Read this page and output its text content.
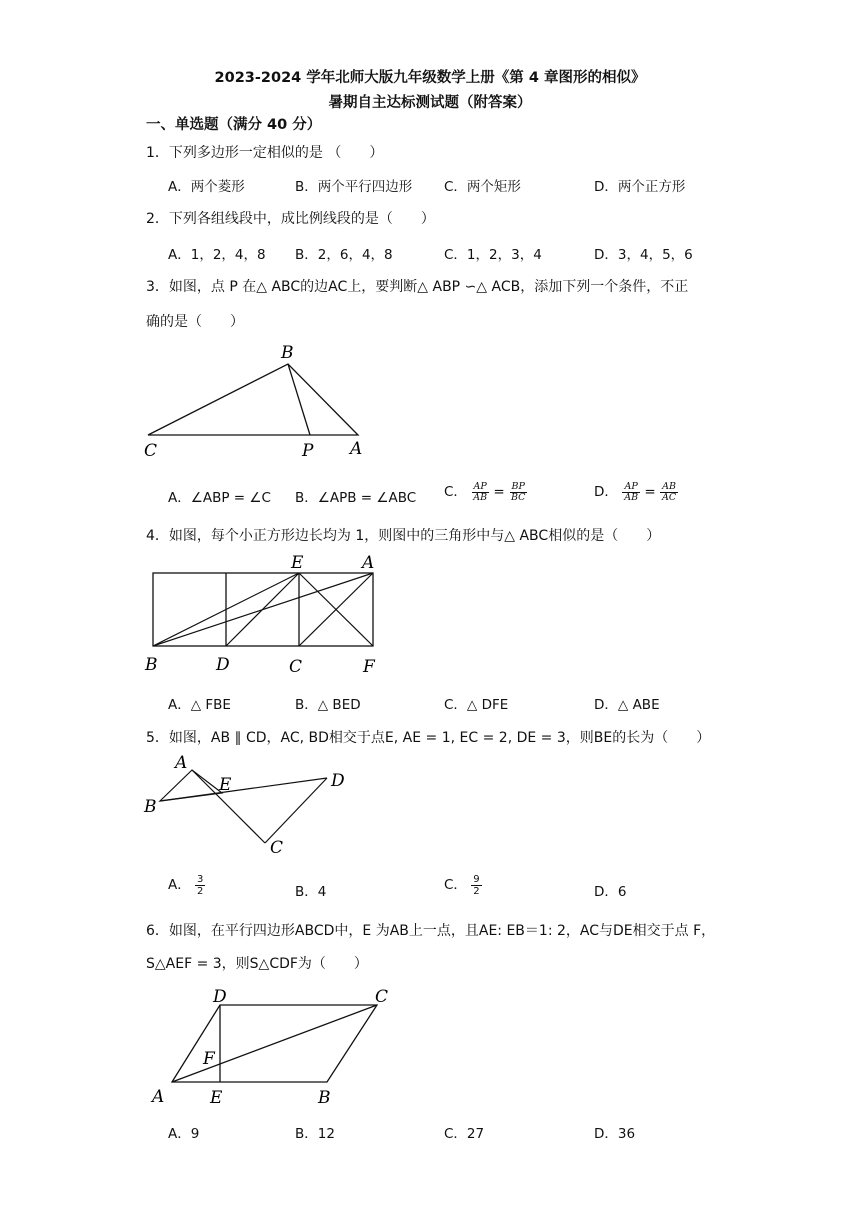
2023-2024 学年北师大版九年级数学上册《第 4 章图形的相似》
暑期自主达标测试题（附答案）
一、单选题（满分 40 分）
1．下列多边形一定相似的是 （　　）
A．两个菱形	B．两个平行四边形 C．两个矩形	D．两个正方形
2．下列各组线段中，成比例线段的是（　　）
A．1，2，4，8 B．2，6，4，8	C．1，2，3，4	D．3，4，5，6
3．如图，点 P 在△ ABC的边AC上，要判断△ ABP ∽△ ACB，添加下列一个条件，不正
确的是（　　）
B
C	P A
A．∠ABP = ∠C B．∠APB = ∠ABC C． $\frac{AP}{AB} = \frac{BP}{BC}$	D． $\frac{AP}{AB} = \frac{AB}{AC}$
4．如图，每个小正方形边长均为 1，则图中的三角形中与△ ABC相似的是（　　）
E	A
B	D	C	F
A．△ FBE	B．△ BED	C．△ DFE	D．△ ABE
5．如图，AB ∥ CD，AC, BD相交于点E, AE = 1, EC = 2, DE = 3，则BE的长为（　　）
A
E	D
B
C
A． $\frac{3}{2}$	B．4	C． $\frac{9}{2}$	D．6
6．如图，在平行四边形ABCD中，E 为AB上一点，且AE: EB＝1: 2，AC与DE相交于点 F，
S△AEF = 3，则S△CDF为（　　）
D	C
F
A	E	B
A．9	B．12	C．27	D．36
